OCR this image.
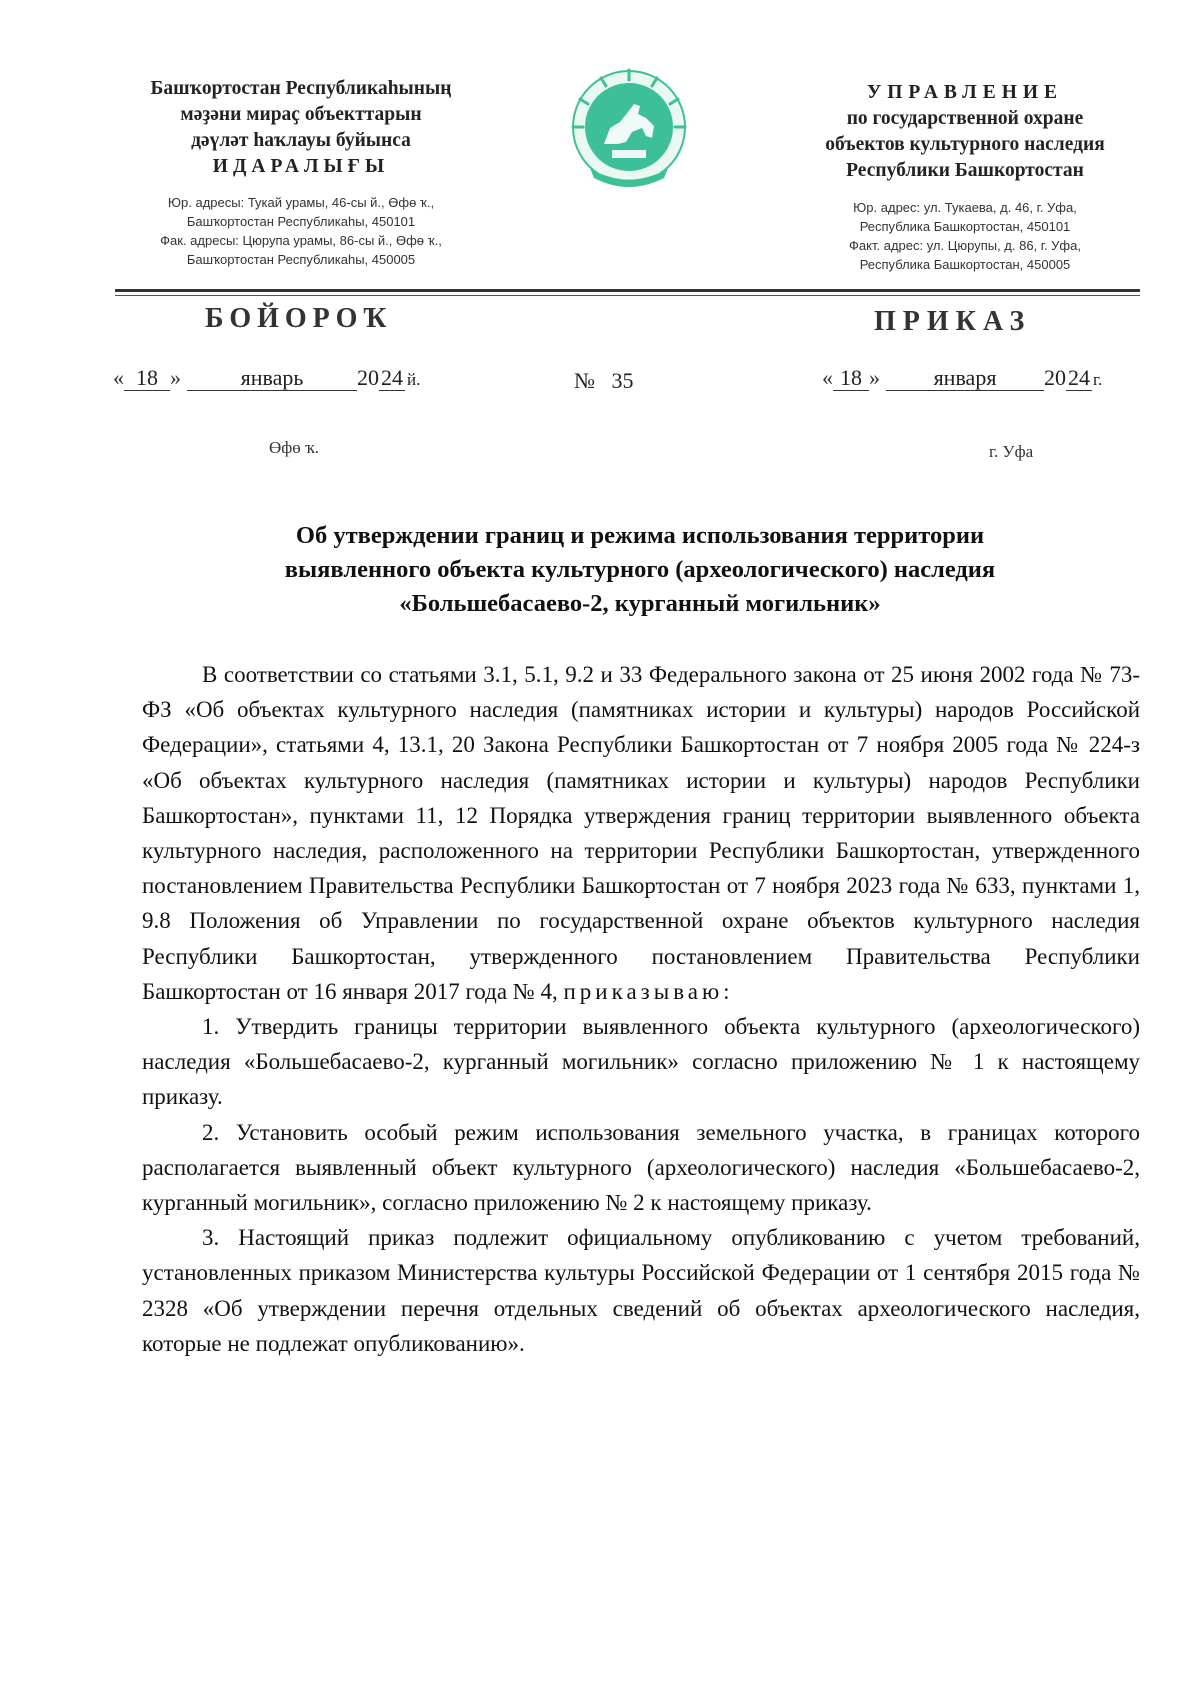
Башҡортостан Республикаһының
мәҙәни мираҫ объекттарын
дәүләт һаҡлауы буйынса
ИДАРАЛЫҒЫ
Юр. адресы: Тукай урамы, 46-сы й., Өфө ҡ.,
Башҡортостан Республикаһы, 450101
Фак. адресы: Цюрупа урамы, 86-сы й., Өфө ҡ.,
Башҡортостан Республикаһы, 450005
УПРАВЛЕНИЕ
по государственной охране
объектов культурного наследия
Республики Башкортостан
Юр. адрес: ул. Тукаева, д. 46, г. Уфа,
Республика Башкортостан, 450101
Факт. адрес: ул. Цюрупы, д. 86, г. Уфа,
Республика Башкортостан, 450005
БОЙОРОҠ	ПРИКАЗ
« 18 »	январь 2024 й.	№ 35	« 18 » января 2024 г.
Өфө ҡ.	г. Уфа
Об утверждении границ и режима использования территории
выявленного объекта культурного (археологического) наследия
«Большебасаево-2, курганный могильник»

В соответствии со статьями 3.1, 5.1, 9.2 и 33 Федерального закона от 25 июня 2002 года № 73-ФЗ «Об объектах культурного наследия (памятниках истории и культуры) народов Российской Федерации», статьями 4, 13.1, 20 Закона Республики Башкортостан от 7 ноября 2005 года № 224-з «Об объектах культурного наследия (памятниках истории и культуры) народов Республики Башкортостан», пунктами 11, 12 Порядка утверждения границ территории выявленного объекта культурного наследия, расположенного на территории Республики Башкортостан, утвержденного постановлением Правительства Республики Башкортостан от 7 ноября 2023 года № 633, пунктами 1, 9.8 Положения об Управлении по государственной охране объектов культурного наследия Республики Башкортостан, утвержденного постановлением Правительства Республики Башкортостан от 16 января 2017 года № 4, приказываю:

1. Утвердить границы территории выявленного объекта культурного (археологического) наследия «Большебасаево-2, курганный могильник» согласно приложению № 1 к настоящему приказу.

2. Установить особый режим использования земельного участка, в границах которого располагается выявленный объект культурного (археологического) наследия «Большебасаево-2, курганный могильник», согласно приложению № 2 к настоящему приказу.

3. Настоящий приказ подлежит официальному опубликованию с учетом требований, установленных приказом Министерства культуры Российской Федерации от 1 сентября 2015 года № 2328 «Об утверждении перечня отдельных сведений об объектах археологического наследия, которые не подлежат опубликованию».
